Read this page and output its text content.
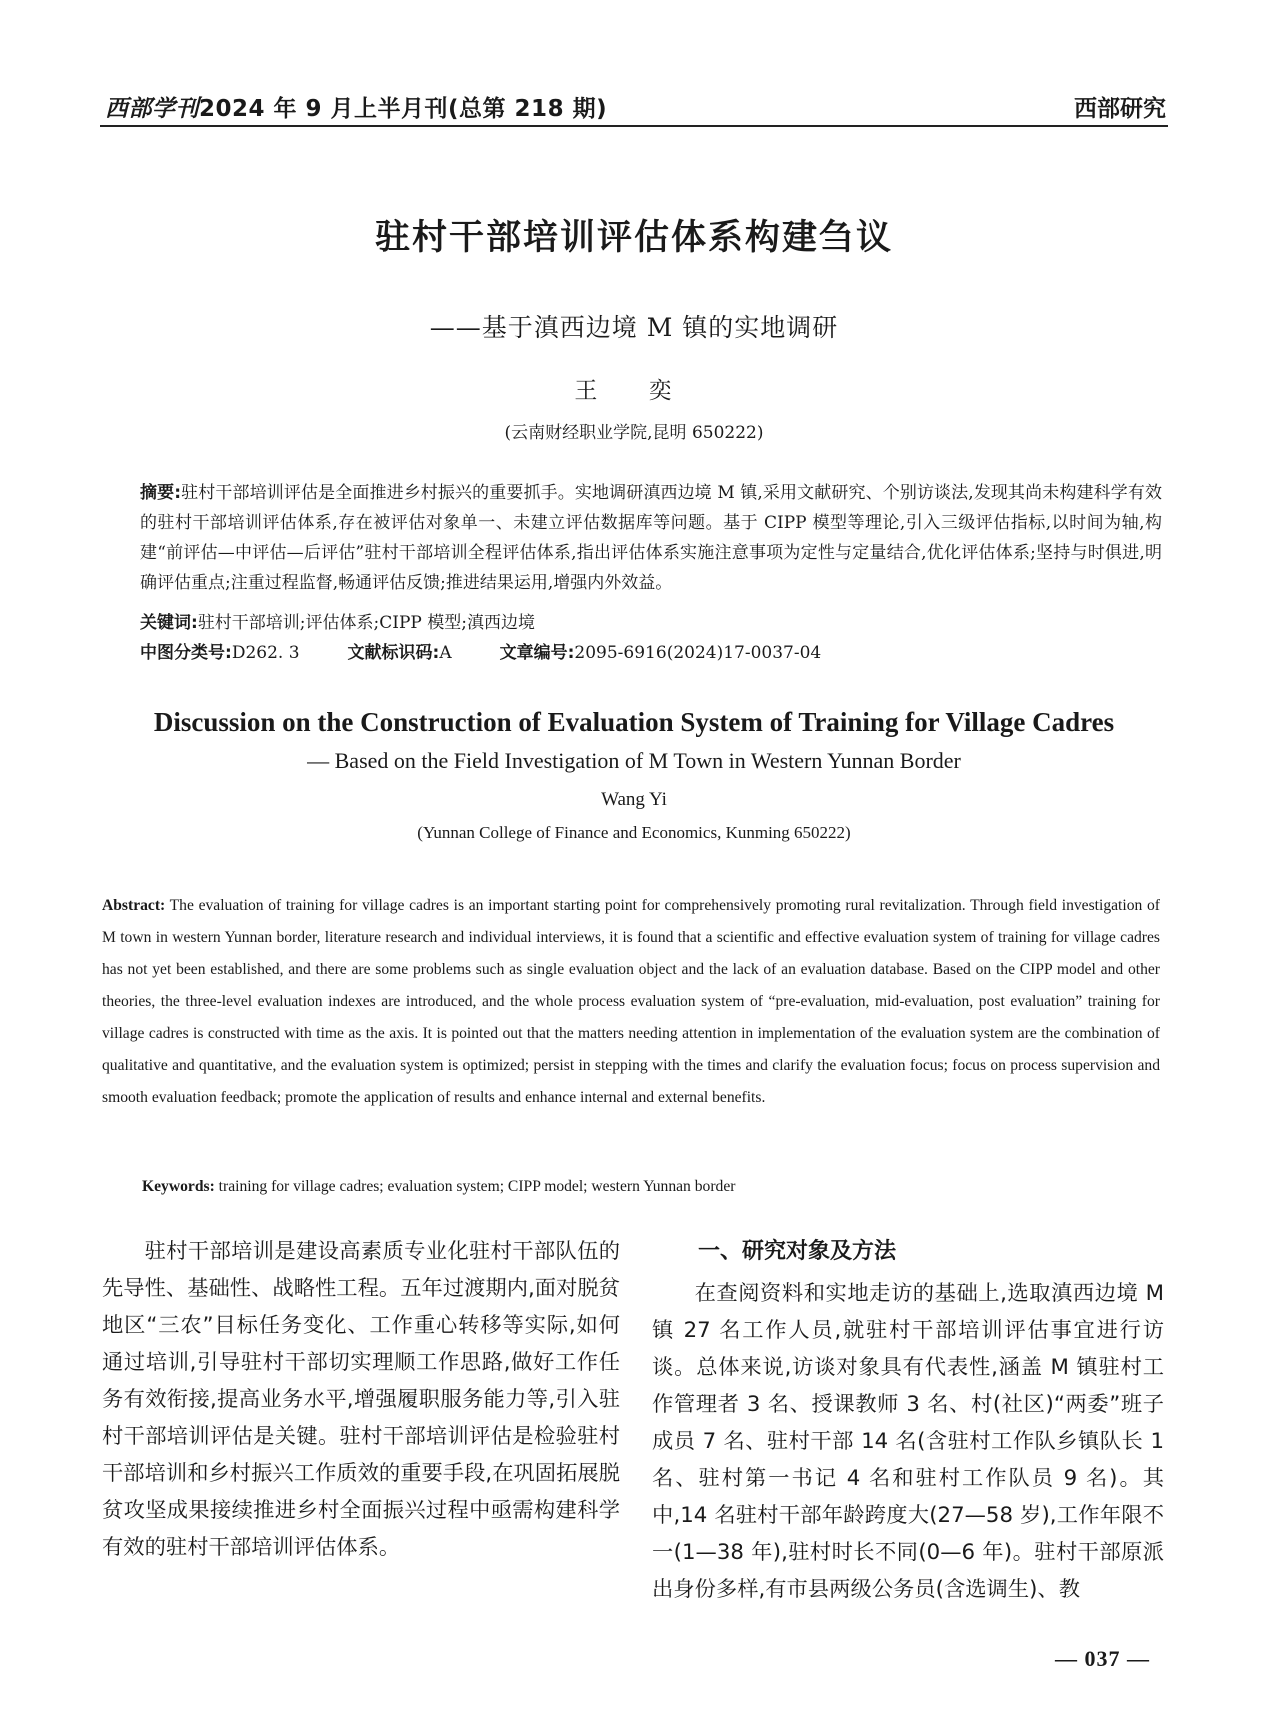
西部学刊2024 年 9 月上半月刊(总第 218 期)	西部研究
驻村干部培训评估体系构建刍议
——基于滇西边境 M 镇的实地调研
王 奕
(云南财经职业学院,昆明 650222)
摘要:驻村干部培训评估是全面推进乡村振兴的重要抓手。实地调研滇西边境 M 镇,采用文献研究、个别访谈法,发现其尚未构建科学有效的驻村干部培训评估体系,存在被评估对象单一、未建立评估数据库等问题。基于 CIPP 模型等理论,引入三级评估指标,以时间为轴,构建“前评估—中评估—后评估”驻村干部培训全程评估体系,指出评估体系实施注意事项为定性与定量结合,优化评估体系;坚持与时俱进,明确评估重点;注重过程监督,畅通评估反馈;推进结果运用,增强内外效益。
关键词:驻村干部培训;评估体系;CIPP 模型;滇西边境
中图分类号:D262. 3	文献标识码:A	文章编号:2095-6916(2024)17-0037-04
Discussion on the Construction of Evaluation System of Training for Village Cadres
— Based on the Field Investigation of M Town in Western Yunnan Border
Wang Yi
(Yunnan College of Finance and Economics, Kunming 650222)
Abstract: The evaluation of training for village cadres is an important starting point for comprehensively promoting rural revitalization. Through field investigation of M town in western Yunnan border, literature research and individual interviews, it is found that a scientific and effective evaluation system of training for village cadres has not yet been established, and there are some problems such as single evaluation object and the lack of an evaluation database. Based on the CIPP model and other theories, the three-level evaluation indexes are introduced, and the whole process evaluation system of “pre-evaluation, mid-evaluation, post evaluation” training for village cadres is constructed with time as the axis. It is pointed out that the matters needing attention in implementation of the evaluation system are the combination of qualitative and quantitative, and the evaluation system is optimized; persist in stepping with the times and clarify the evaluation focus; focus on process supervision and smooth evaluation feedback; promote the application of results and enhance internal and external benefits.
Keywords: training for village cadres; evaluation system; CIPP model; western Yunnan border
驻村干部培训是建设高素质专业化驻村干部队伍的先导性、基础性、战略性工程。五年过渡期内,面对脱贫地区“三农”目标任务变化、工作重心转移等实际,如何通过培训,引导驻村干部切实理顺工作思路,做好工作任务有效衔接,提高业务水平,增强履职服务能力等,引入驻村干部培训评估是关键。驻村干部培训评估是检验驻村干部培训和乡村振兴工作质效的重要手段,在巩固拓展脱贫攻坚成果接续推进乡村全面振兴过程中亟需构建科学有效的驻村干部培训评估体系。
一、研究对象及方法
在查阅资料和实地走访的基础上,选取滇西边境 M 镇 27 名工作人员,就驻村干部培训评估事宜进行访谈。总体来说,访谈对象具有代表性,涵盖 M 镇驻村工作管理者 3 名、授课教师 3 名、村(社区)“两委”班子成员 7 名、驻村干部 14 名(含驻村工作队乡镇队长 1 名、驻村第一书记 4 名和驻村工作队员 9 名)。其中,14 名驻村干部年龄跨度大(27—58 岁),工作年限不一(1—38 年),驻村时长不同(0—6 年)。驻村干部原派出身份多样,有市县两级公务员(含选调生)、教
— 037 —
